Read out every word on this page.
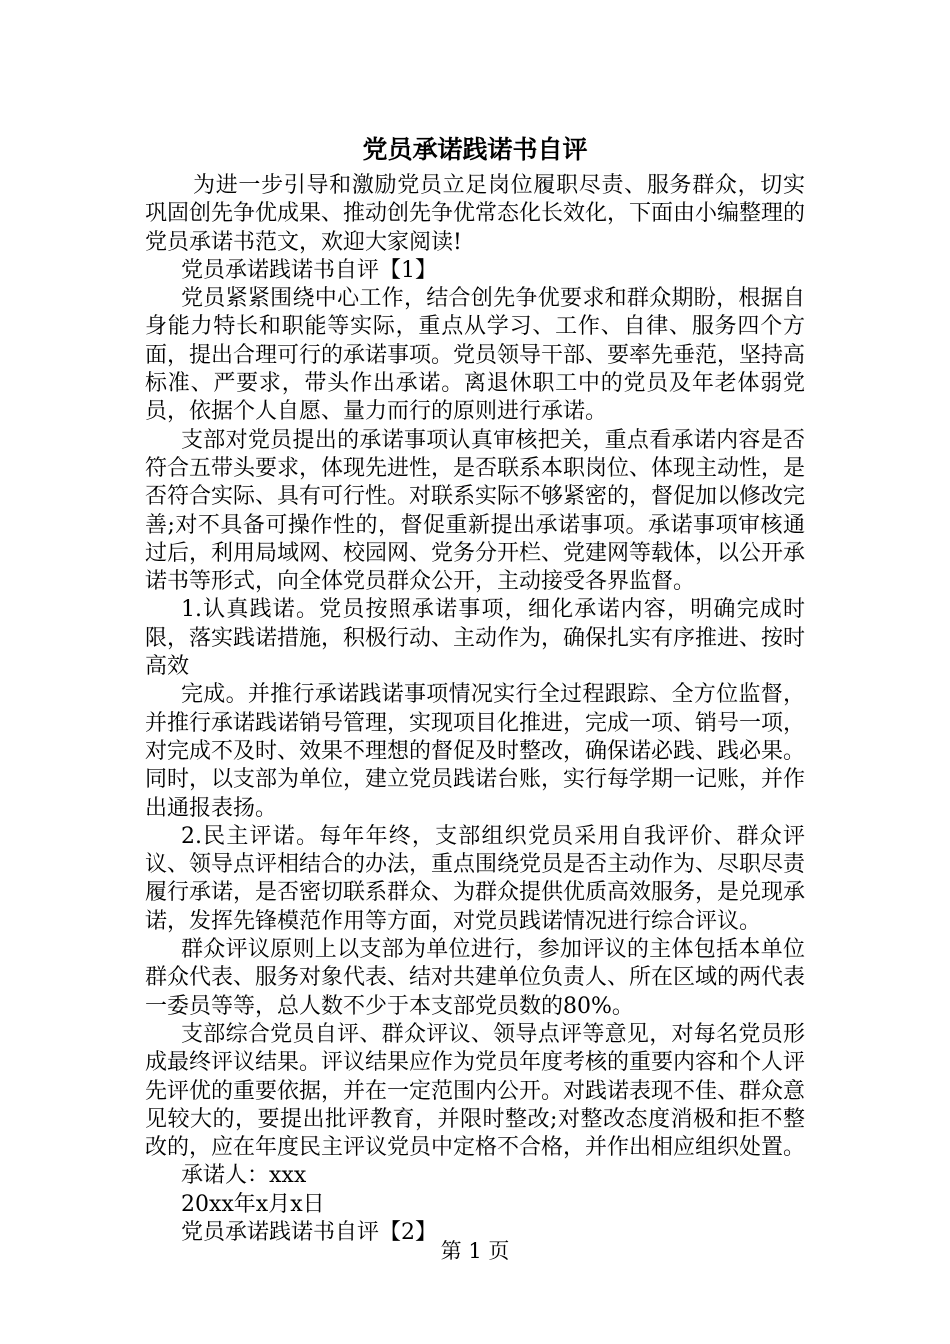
党员承诺践诺书自评

为进一步引导和激励党员立足岗位履职尽责、服务群众，切实巩固创先争优成果、推动创先争优常态化长效化，下面由小编整理的党员承诺书范文，欢迎大家阅读!

党员承诺践诺书自评【1】

党员紧紧围绕中心工作，结合创先争优要求和群众期盼，根据自身能力特长和职能等实际，重点从学习、工作、自律、服务四个方面，提出合理可行的承诺事项。党员领导干部、要率先垂范，坚持高标准、严要求，带头作出承诺。离退休职工中的党员及年老体弱党员，依据个人自愿、量力而行的原则进行承诺。

支部对党员提出的承诺事项认真审核把关，重点看承诺内容是否符合五带头要求，体现先进性，是否联系本职岗位、体现主动性，是否符合实际、具有可行性。对联系实际不够紧密的，督促加以修改完善;对不具备可操作性的，督促重新提出承诺事项。承诺事项审核通过后，利用局域网、校园网、党务分开栏、党建网等载体，以公开承诺书等形式，向全体党员群众公开，主动接受各界监督。

1.认真践诺。党员按照承诺事项，细化承诺内容，明确完成时限，落实践诺措施，积极行动、主动作为，确保扎实有序推进、按时高效

完成。并推行承诺践诺事项情况实行全过程跟踪、全方位监督，并推行承诺践诺销号管理，实现项目化推进，完成一项、销号一项，对完成不及时、效果不理想的督促及时整改，确保诺必践、践必果。同时，以支部为单位，建立党员践诺台账，实行每学期一记账，并作出通报表扬。

2.民主评诺。每年年终，支部组织党员采用自我评价、群众评议、领导点评相结合的办法，重点围绕党员是否主动作为、尽职尽责履行承诺，是否密切联系群众、为群众提供优质高效服务，是兑现承诺，发挥先锋模范作用等方面，对党员践诺情况进行综合评议。

群众评议原则上以支部为单位进行，参加评议的主体包括本单位群众代表、服务对象代表、结对共建单位负责人、所在区域的两代表一委员等等，总人数不少于本支部党员数的80%。

支部综合党员自评、群众评议、领导点评等意见，对每名党员形成最终评议结果。评议结果应作为党员年度考核的重要内容和个人评先评优的重要依据，并在一定范围内公开。对践诺表现不佳、群众意见较大的，要提出批评教育，并限时整改;对整改态度消极和拒不整改的，应在年度民主评议党员中定格不合格，并作出相应组织处置。

承诺人：xxx

20xx年x月x日

党员承诺践诺书自评【2】

第 1 页
